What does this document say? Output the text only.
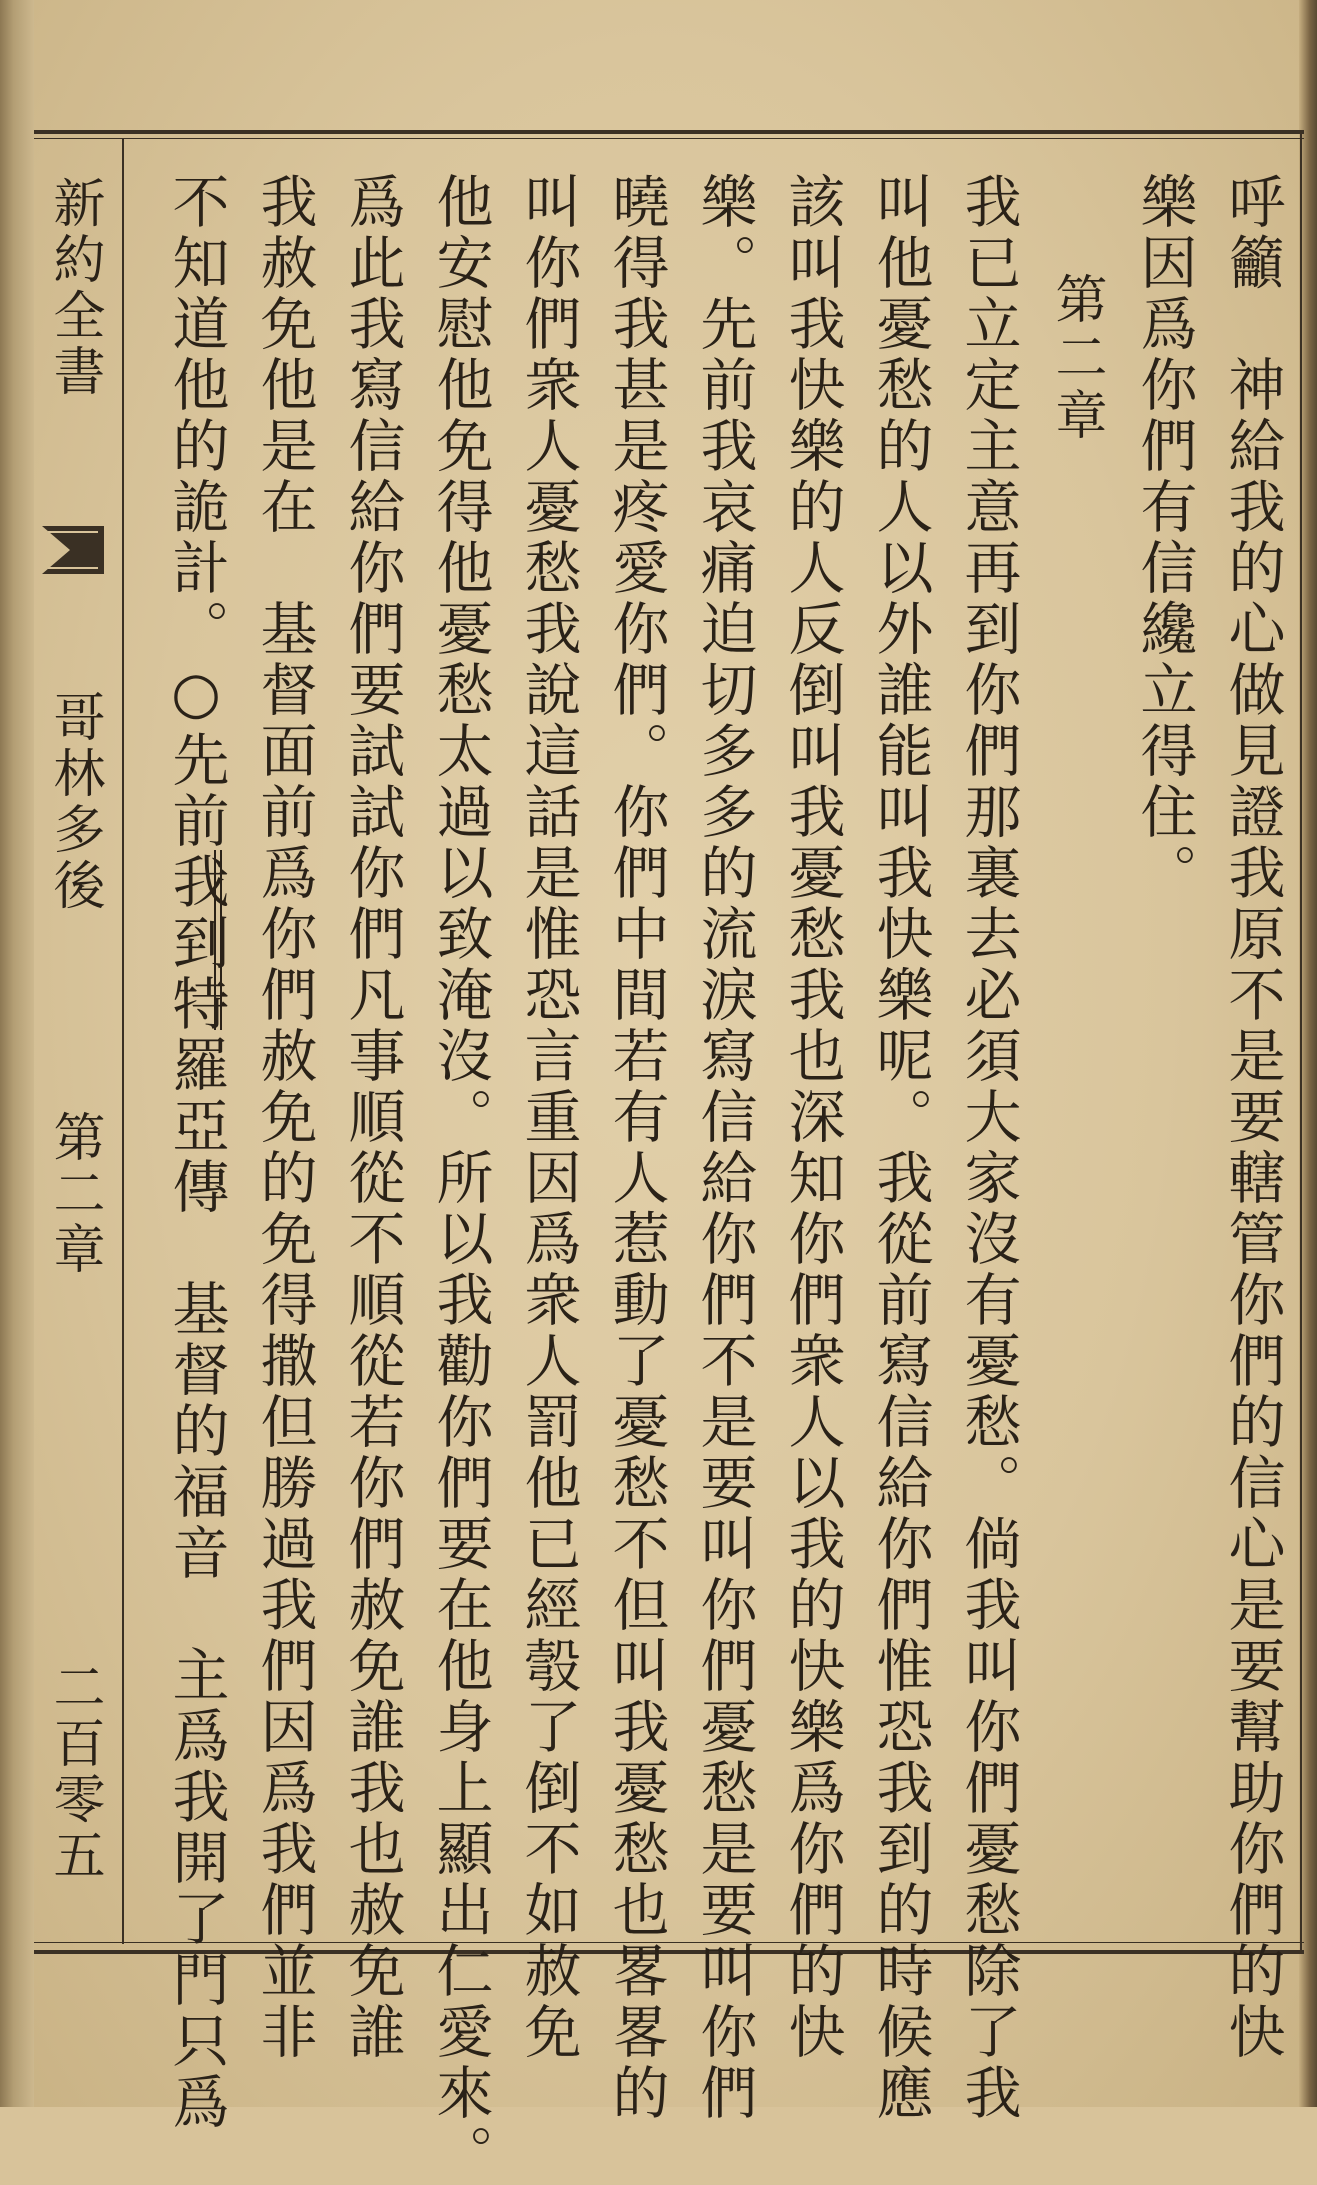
新約全書
哥林多後
第二章
二百零五	呼籲　神給我的心做見證我原不是要轄管你們的信心是要幫助你們的快
樂因爲你們有信纔立得住。
第二章
我已立定主意再到你們那裏去必須大家沒有憂愁。倘我叫你們憂愁除了我
叫他憂愁的人以外誰能叫我快樂呢。我從前寫信給你們惟恐我到的時候應
該叫我快樂的人反倒叫我憂愁我也深知你們衆人以我的快樂爲你們的快
樂。先前我哀痛迫切多多的流淚寫信給你們不是要叫你們憂愁是要叫你們
曉得我甚是疼愛你們。你們中間若有人惹動了憂愁不但叫我憂愁也畧畧的
叫你們衆人憂愁我說這話是惟恐言重因爲衆人罰他已經彀了倒不如赦免
他安慰他免得他憂愁太過以致淹沒。所以我勸你們要在他身上顯出仁愛來。
爲此我寫信給你們要試試你們凡事順從不順從若你們赦免誰我也赦免誰
我赦免他是在　基督面前爲你們赦免的免得撒但勝過我們因爲我們並非
不知道他的詭計。○先前我到特羅亞傳　基督的福音　主爲我開了門只爲
